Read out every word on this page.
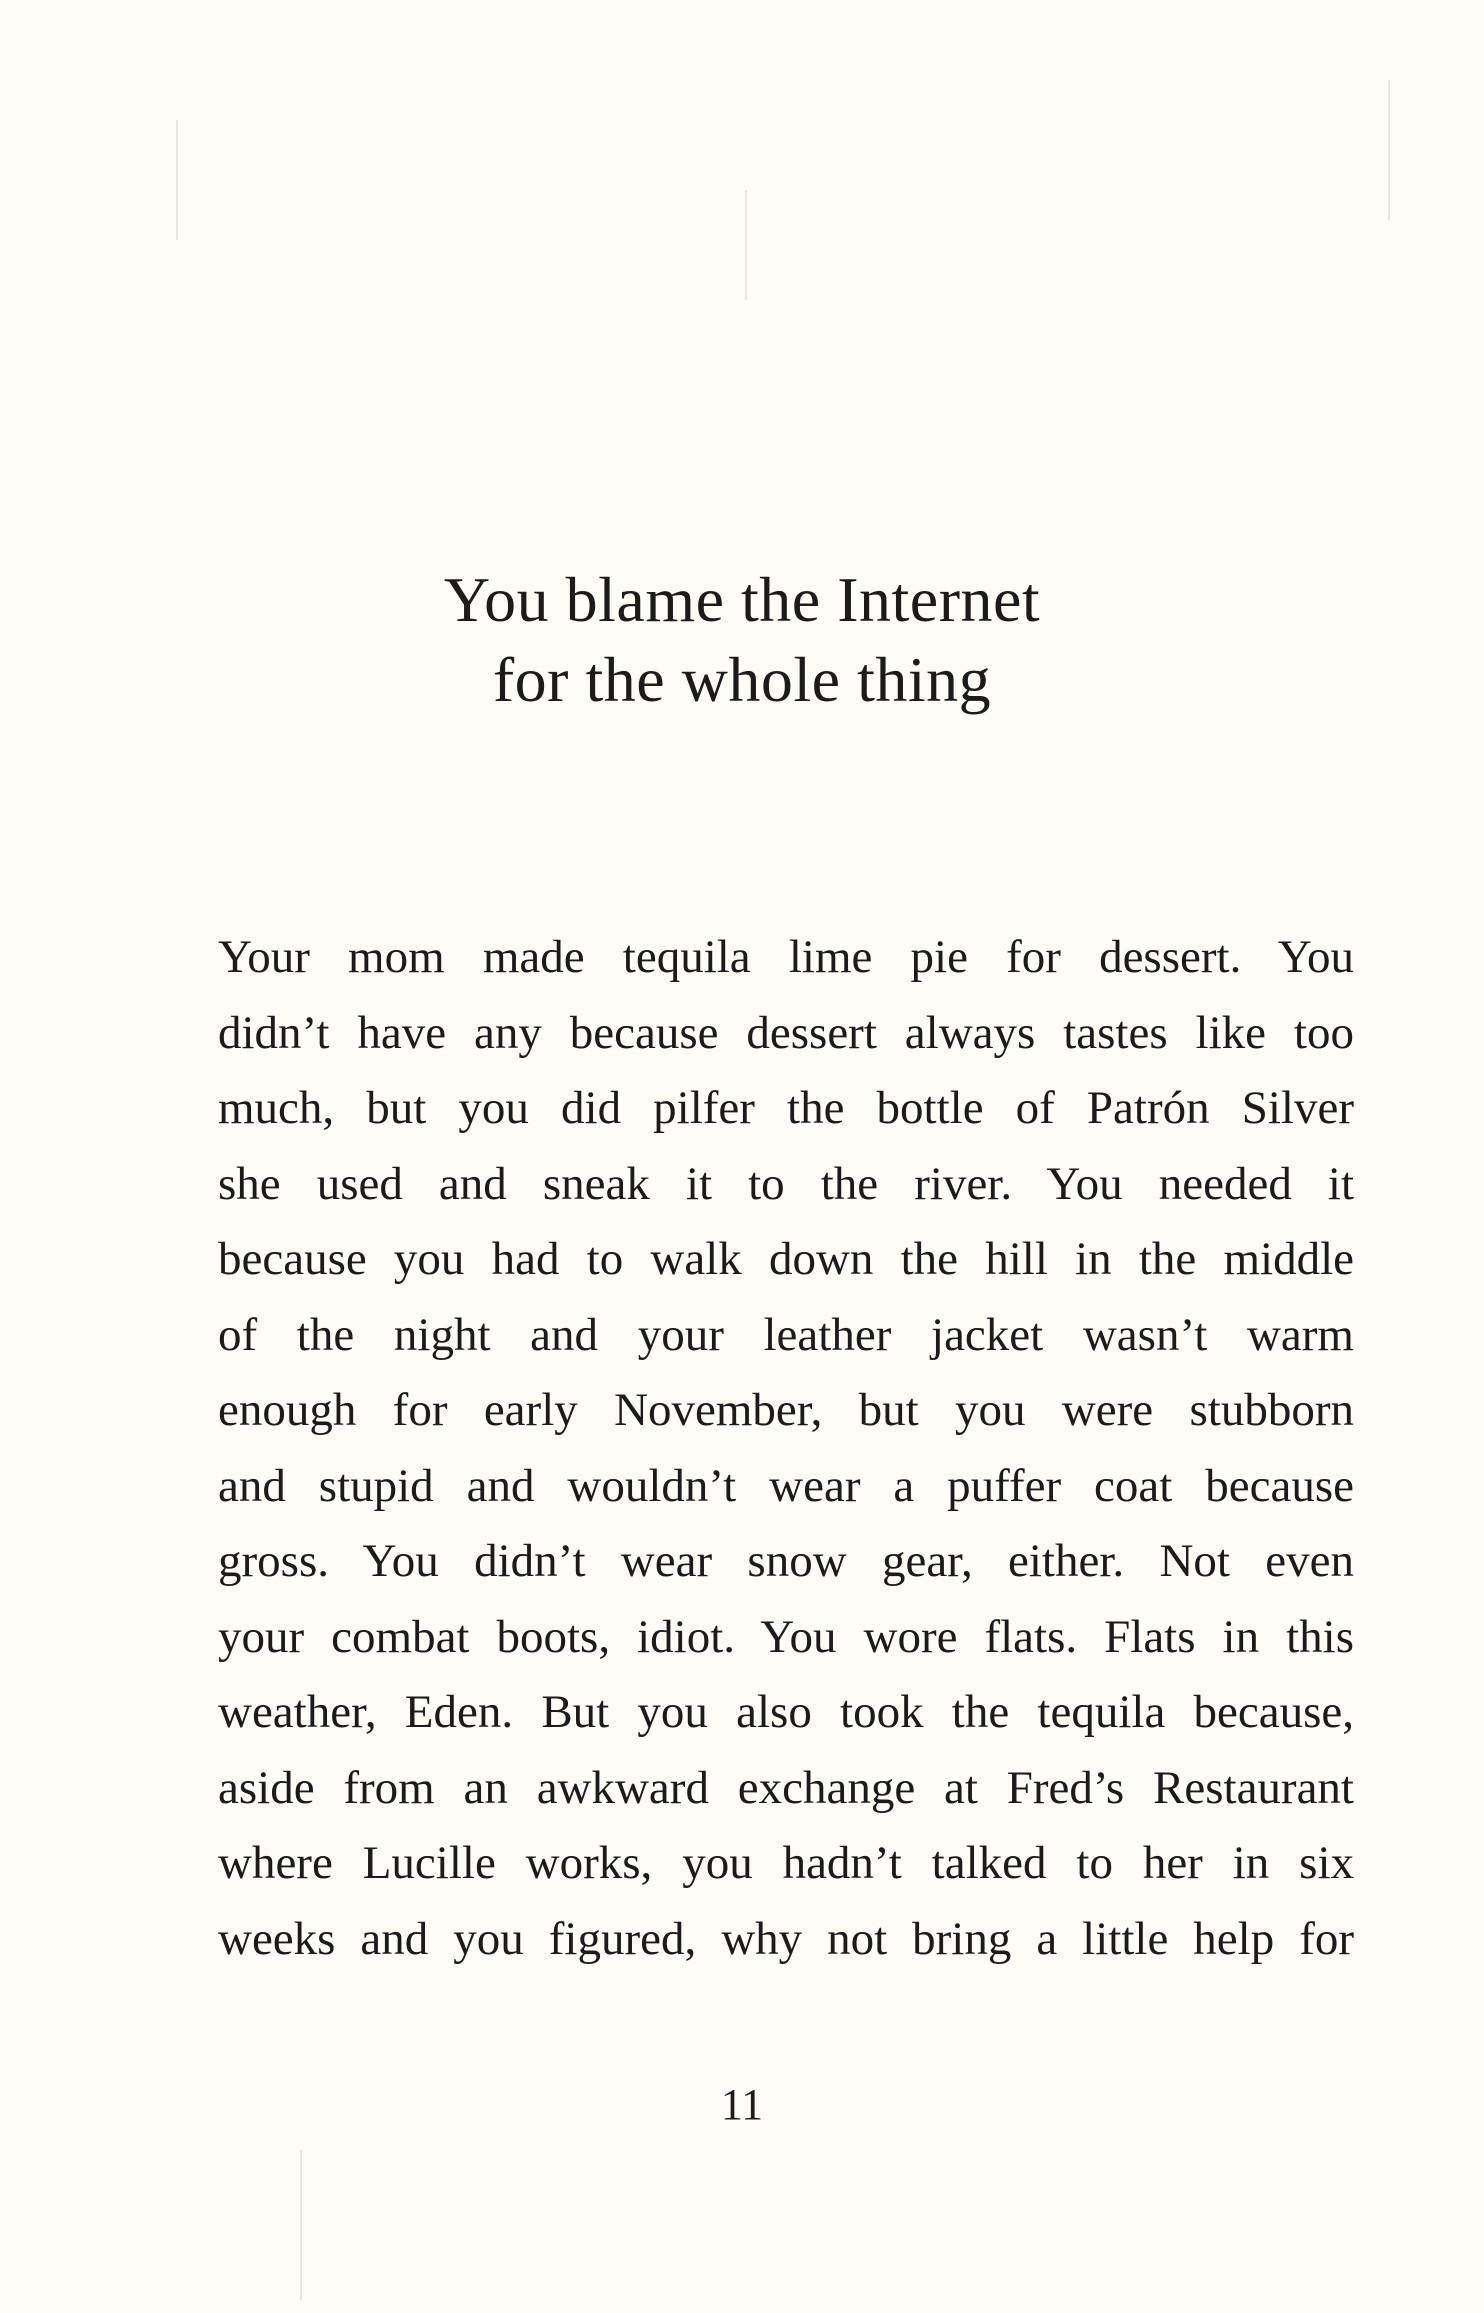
You blame the Internet
for the whole thing
Your mom made tequila lime pie for dessert. You
didn’t have any because dessert always tastes like too
much, but you did pilfer the bottle of Patrón Silver
she used and sneak it to the river. You needed it
because you had to walk down the hill in the middle
of the night and your leather jacket wasn’t warm
enough for early November, but you were stubborn
and stupid and wouldn’t wear a puffer coat because
gross. You didn’t wear snow gear, either. Not even
your combat boots, idiot. You wore flats. Flats in this
weather, Eden. But you also took the tequila because,
aside from an awkward exchange at Fred’s Restaurant
where Lucille works, you hadn’t talked to her in six
weeks and you figured, why not bring a little help for
11
